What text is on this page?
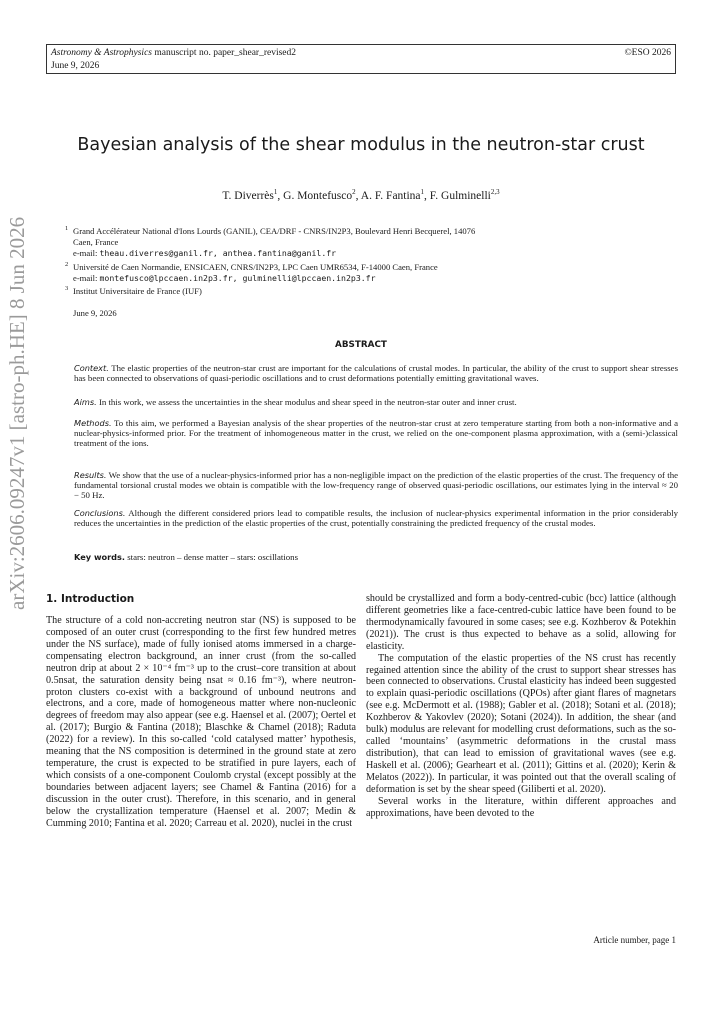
Astronomy & Astrophysics manuscript no. paper_shear_revised2
June 9, 2026
©ESO 2026
arXiv:2606.09247v1 [astro-ph.HE] 8 Jun 2026
Bayesian analysis of the shear modulus in the neutron-star crust
T. Diverrès$^1$, G. Montefusco$^2$, A. F. Fantina$^1$, F. Gulminelli$^{2,3}$
1 Grand Accélérateur National d'Ions Lourds (GANIL), CEA/DRF - CNRS/IN2P3, Boulevard Henri Becquerel, 14076
Caen, France
e-mail: theau.diverres@ganil.fr, anthea.fantina@ganil.fr
2 Université de Caen Normandie, ENSICAEN, CNRS/IN2P3, LPC Caen UMR6534, F-14000 Caen, France
e-mail: montefusco@lpccaen.in2p3.fr, gulminelli@lpccaen.in2p3.fr
3 Institut Universitaire de France (IUF)
June 9, 2026
ABSTRACT
Context. The elastic properties of the neutron-star crust are important for the calculations of crustal modes. In particular, the ability of the crust to support shear stresses has been connected to observations of quasi-periodic oscillations and to crust deformations potentially emitting gravitational waves.
Aims. In this work, we assess the uncertainties in the shear modulus and shear speed in the neutron-star outer and inner crust.
Methods. To this aim, we performed a Bayesian analysis of the shear properties of the neutron-star crust at zero temperature starting from both a non-informative and a nuclear-physics-informed prior. For the treatment of inhomogeneous matter in the crust, we relied on the one-component plasma approximation, with a (semi-)classical treatment of the ions.
Results. We show that the use of a nuclear-physics-informed prior has a non-negligible impact on the prediction of the elastic properties of the crust. The frequency of the fundamental torsional crustal modes we obtain is compatible with the low-frequency range of observed quasi-periodic oscillations, our estimates lying in the interval ≈ 20 − 50 Hz.
Conclusions. Although the different considered priors lead to compatible results, the inclusion of nuclear-physics experimental information in the prior considerably reduces the uncertainties in the prediction of the elastic properties of the crust, potentially constraining the predicted frequency of the crustal modes.
Key words. stars: neutron – dense matter – stars: oscillations
1. Introduction

The structure of a cold non-accreting neutron star (NS) is supposed to be composed of an outer crust (corresponding to the first few hundred metres under the NS surface), made of fully ionised atoms immersed in a charge-compensating electron background, an inner crust (from the so-called neutron drip at about 2 × 10⁻⁴ fm⁻³ up to the crust–core transition at about 0.5nsat, the saturation density being nsat ≈ 0.16 fm⁻³), where neutron-proton clusters co-exist with a background of unbound neutrons and electrons, and a core, made of homogeneous matter where non-nucleonic degrees of freedom may also appear (see e.g. Haensel et al. (2007); Oertel et al. (2017); Burgio & Fantina (2018); Blaschke & Chamel (2018); Raduta (2022) for a review). In this so-called ‘cold catalysed matter’ hypothesis, meaning that the NS composition is determined in the ground state at zero temperature, the crust is expected to be stratified in pure layers, each of which consists of a one-component Coulomb crystal (except possibly at the boundaries between adjacent layers; see Chamel & Fantina (2016) for a discussion in the outer crust). Therefore, in this scenario, and in general below the crystallization temperature (Haensel et al. 2007; Medin & Cumming 2010; Fantina et al. 2020; Carreau et al. 2020), nuclei in the crust

should be crystallized and form a body-centred-cubic (bcc) lattice (although different geometries like a face-centred-cubic lattice have been found to be thermodynamically favoured in some cases; see e.g. Kozhberov & Potekhin (2021)). The crust is thus expected to behave as a solid, allowing for elasticity.

The computation of the elastic properties of the NS crust has recently regained attention since the ability of the crust to support shear stresses has been connected to observations. Crustal elasticity has indeed been suggested to explain quasi-periodic oscillations (QPOs) after giant flares of magnetars (see e.g. McDermott et al. (1988); Gabler et al. (2018); Sotani et al. (2018); Kozhberov & Yakovlev (2020); Sotani (2024)). In addition, the shear (and bulk) modulus are relevant for modelling crust deformations, such as the so-called ‘mountains’ (asymmetric deformations in the crustal mass distribution), that can lead to emission of gravitational waves (see e.g. Haskell et al. (2006); Gearheart et al. (2011); Gittins et al. (2020); Kerin & Melatos (2022)). In particular, it was pointed out that the overall scaling of deformation is set by the shear speed (Giliberti et al. 2020).

Several works in the literature, within different approaches and approximations, have been devoted to the

Article number, page 1
